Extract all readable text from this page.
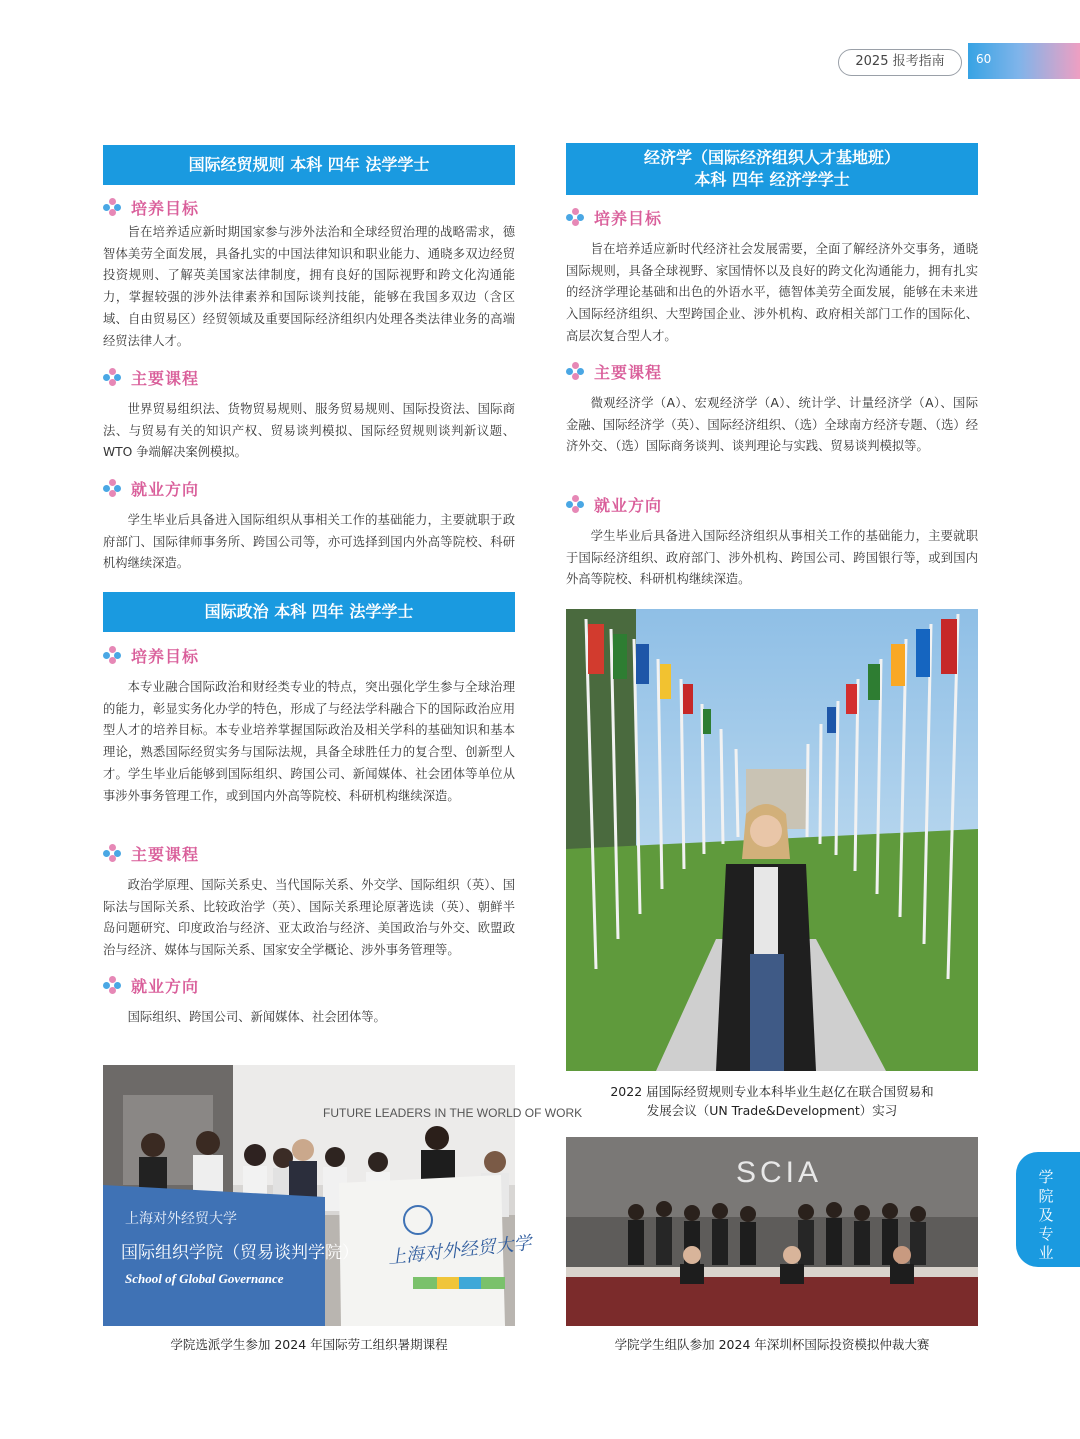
2025 报考指南	60
国际经贸规则 本科 四年 法学学士
培养目标

旨在培养适应新时期国家参与涉外法治和全球经贸治理的战略需求，德智体美劳全面发展，具备扎实的中国法律知识和职业能力、通晓多双边经贸投资规则、了解英美国家法律制度，拥有良好的国际视野和跨文化沟通能力，掌握较强的涉外法律素养和国际谈判技能，能够在我国多双边（含区域、自由贸易区）经贸领域及重要国际经济组织内处理各类法律业务的高端经贸法律人才。

主要课程

世界贸易组织法、货物贸易规则、服务贸易规则、国际投资法、国际商法、与贸易有关的知识产权、贸易谈判模拟、国际经贸规则谈判新议题、WTO 争端解决案例模拟。

就业方向

学生毕业后具备进入国际组织从事相关工作的基础能力，主要就职于政府部门、国际律师事务所、跨国公司等，亦可选择到国内外高等院校、科研机构继续深造。

国际政治 本科 四年 法学学士
培养目标

本专业融合国际政治和财经类专业的特点，突出强化学生参与全球治理的能力，彰显实务化办学的特色，形成了与经法学科融合下的国际政治应用型人才的培养目标。本专业培养掌握国际政治及相关学科的基础知识和基本理论，熟悉国际经贸实务与国际法规，具备全球胜任力的复合型、创新型人才。学生毕业后能够到国际组织、跨国公司、新闻媒体、社会团体等单位从事涉外事务管理工作，或到国内外高等院校、科研机构继续深造。

主要课程

政治学原理、国际关系史、当代国际关系、外交学、国际组织（英）、国际法与国际关系、比较政治学（英）、国际关系理论原著选读（英）、朝鲜半岛问题研究、印度政治与经济、亚太政治与经济、美国政治与外交、欧盟政治与经济、媒体与国际关系、国家安全学概论、涉外事务管理等。

就业方向

国际组织、跨国公司、新闻媒体、社会团体等。

FUTURE LEADERS IN THE WORLD OF WORK
上海对外经贸大学
国际组织学院（贸易谈判学院）
School of Global Governance
上海对外经贸大学
学院选派学生参加 2024 年国际劳工组织暑期课程
经济学（国际经济组织人才基地班）
本科 四年 经济学学士
培养目标

旨在培养适应新时代经济社会发展需要，全面了解经济外交事务，通晓国际规则，具备全球视野、家国情怀以及良好的跨文化沟通能力，拥有扎实的经济学理论基础和出色的外语水平，德智体美劳全面发展，能够在未来进入国际经济组织、大型跨国企业、涉外机构、政府相关部门工作的国际化、高层次复合型人才。

主要课程

微观经济学（A）、宏观经济学（A）、统计学、计量经济学（A）、国际金融、国际经济学（英）、国际经济组织、（选）全球南方经济专题、（选）经济外交、（选）国际商务谈判、谈判理论与实践、贸易谈判模拟等。

就业方向

学生毕业后具备进入国际经济组织从事相关工作的基础能力，主要就职于国际经济组织、政府部门、涉外机构、跨国公司、跨国银行等，或到国内外高等院校、科研机构继续深造。

2022 届国际经贸规则专业本科毕业生赵亿在联合国贸易和
发展会议（UN Trade&Development）实习
SCIA
学院学生组队参加 2024 年深圳杯国际投资模拟仲裁大赛
学院及专业
